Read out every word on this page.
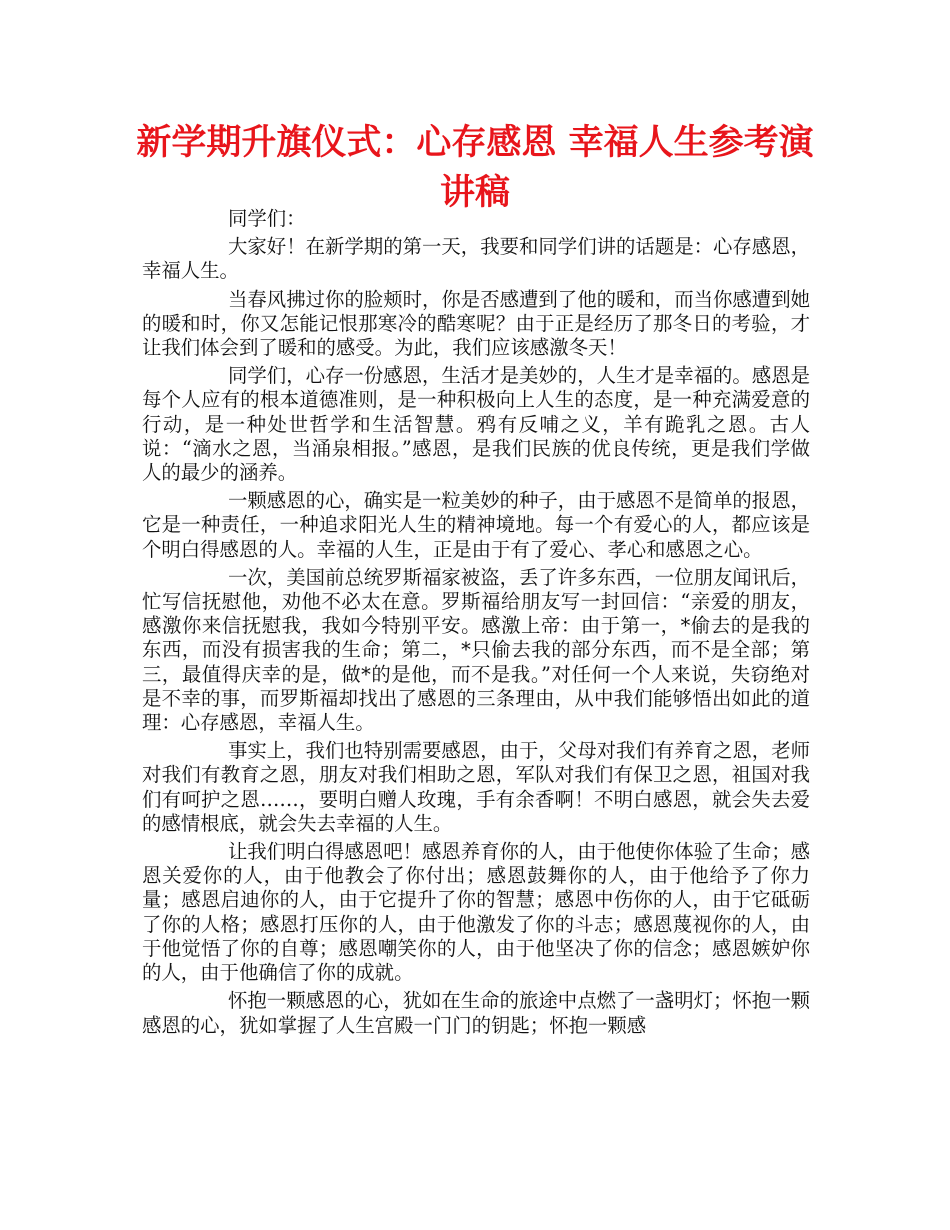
新学期升旗仪式：心存感恩 幸福人生参考演讲稿

同学们：

大家好！在新学期的第一天，我要和同学们讲的话题是：心存感恩，幸福人生。

当春风拂过你的脸颊时，你是否感遭到了他的暖和，而当你感遭到她的暖和时，你又怎能记恨那寒冷的酷寒呢？由于正是经历了那冬日的考验，才让我们体会到了暖和的感受。为此，我们应该感激冬天！

同学们，心存一份感恩，生活才是美妙的，人生才是幸福的。感恩是每个人应有的根本道德准则，是一种积极向上人生的态度，是一种充满爱意的行动，是一种处世哲学和生活智慧。鸦有反哺之义，羊有跪乳之恩。古人说：“滴水之恩，当涌泉相报。”感恩，是我们民族的优良传统，更是我们学做人的最少的涵养。

一颗感恩的心，确实是一粒美妙的种子，由于感恩不是简单的报恩，它是一种责任，一种追求阳光人生的精神境地。每一个有爱心的人，都应该是个明白得感恩的人。幸福的人生，正是由于有了爱心、孝心和感恩之心。

一次，美国前总统罗斯福家被盗，丢了许多东西，一位朋友闻讯后，忙写信抚慰他，劝他不必太在意。罗斯福给朋友写一封回信：“亲爱的朋友，感激你来信抚慰我，我如今特别平安。感激上帝：由于第一，*偷去的是我的东西，而没有损害我的生命；第二，*只偷去我的部分东西，而不是全部；第三，最值得庆幸的是，做*的是他，而不是我。”对任何一个人来说，失窃绝对是不幸的事，而罗斯福却找出了感恩的三条理由，从中我们能够悟出如此的道理：心存感恩，幸福人生。

事实上，我们也特别需要感恩，由于，父母对我们有养育之恩，老师对我们有教育之恩，朋友对我们相助之恩，军队对我们有保卫之恩，祖国对我们有呵护之恩……，要明白赠人玫瑰，手有余香啊！不明白感恩，就会失去爱的感情根底，就会失去幸福的人生。

让我们明白得感恩吧！感恩养育你的人，由于他使你体验了生命；感恩关爱你的人，由于他教会了你付出；感恩鼓舞你的人，由于他给予了你力量；感恩启迪你的人，由于它提升了你的智慧；感恩中伤你的人，由于它砥砺了你的人格；感恩打压你的人，由于他激发了你的斗志；感恩蔑视你的人，由于他觉悟了你的自尊；感恩嘲笑你的人，由于他坚决了你的信念；感恩嫉妒你的人，由于他确信了你的成就。

怀抱一颗感恩的心，犹如在生命的旅途中点燃了一盏明灯；怀抱一颗感恩的心，犹如掌握了人生宫殿一门门的钥匙；怀抱一颗感
